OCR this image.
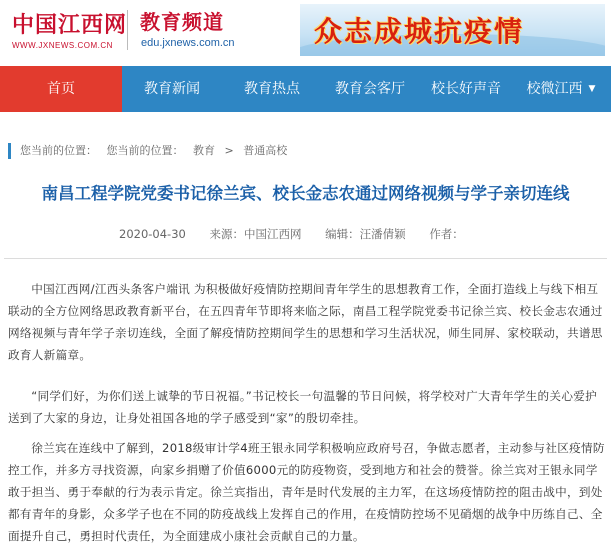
中国江西网
WWW.JXNEWS.COM.CN
教育频道
edu.jxnews.com.cn	众志成城抗疫情
首页	教育新闻	教育热点	教育会客厅	校长好声音	校微江西 ▼
您当前的位置： 您当前的位置： 教育 > 普通高校
南昌工程学院党委书记徐兰宾、校长金志农通过网络视频与学子亲切连线
2020-04-30 来源：中国江西网 编辑：汪潘倩颖 作者：
中国江西网/江西头条客户端讯 为积极做好疫情防控期间青年学生的思想教育工作，全面打造线上与线下相互联动的全方位网络思政教育新平台，在五四青年节即将来临之际，南昌工程学院党委书记徐兰宾、校长金志农通过网络视频与青年学子亲切连线，全面了解疫情防控期间学生的思想和学习生活状况，师生同屏、家校联动，共谱思政育人新篇章。
“同学们好，为你们送上诚挚的节日祝福。”书记校长一句温馨的节日问候，将学校对广大青年学生的关心爱护送到了大家的身边，让身处祖国各地的学子感受到“家”的殷切牵挂。
徐兰宾在连线中了解到，2018级审计学4班王银永同学积极响应政府号召，争做志愿者，主动参与社区疫情防控工作，并多方寻找资源，向家乡捐赠了价值6000元的防疫物资，受到地方和社会的赞誉。徐兰宾对王银永同学敢于担当、勇于奉献的行为表示肯定。徐兰宾指出，青年是时代发展的主力军，在这场疫情防控的阻击战中，到处都有青年的身影，众多学子也在不同的防疫战线上发挥自己的作用，在疫情防控场不见硝烟的战争中历练自己、全面提升自己，勇担时代责任，为全面建成小康社会贡献自己的力量。
